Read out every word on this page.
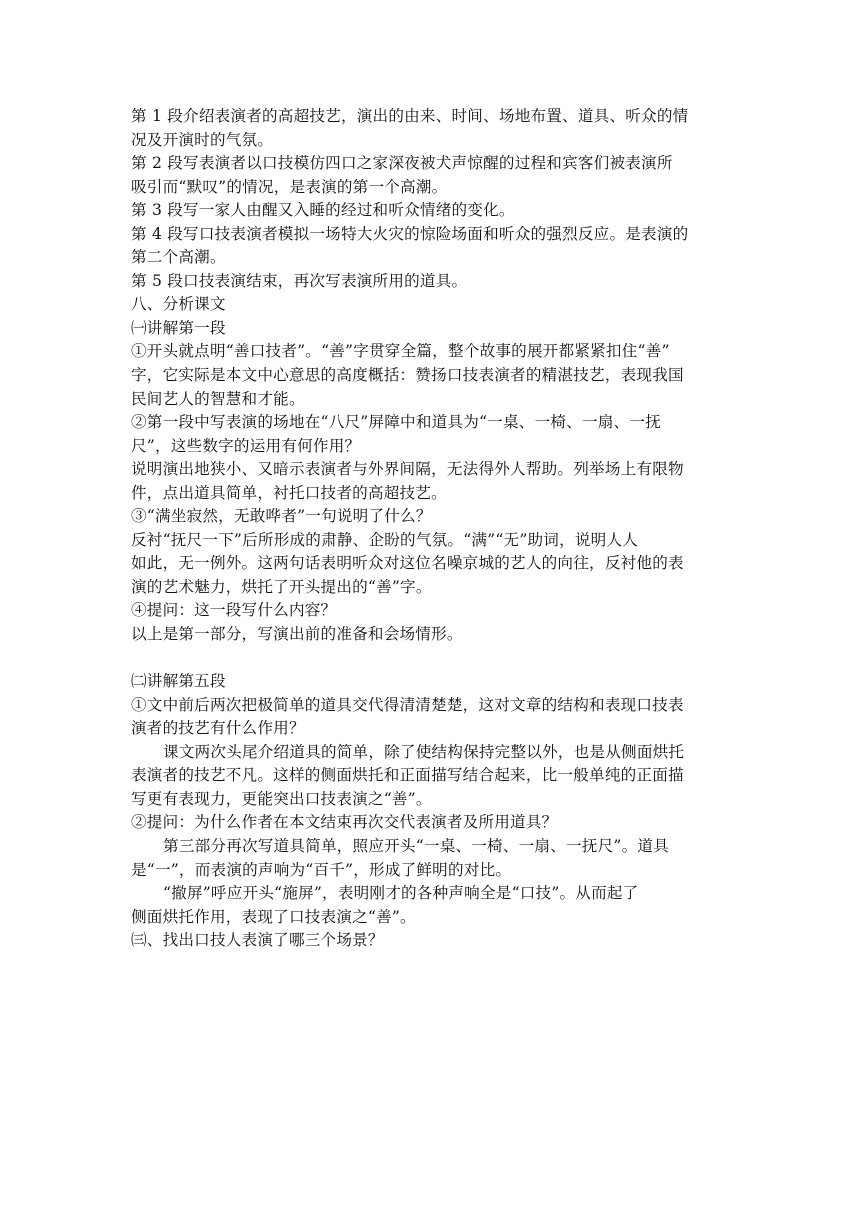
第 1 段介绍表演者的高超技艺，演出的由来、时间、场地布置、道具、听众的情
况及开演时的气氛。
第 2 段写表演者以口技模仿四口之家深夜被犬声惊醒的过程和宾客们被表演所
吸引而“默叹”的情况，是表演的第一个高潮。
第 3 段写一家人由醒又入睡的经过和听众情绪的变化。
第 4 段写口技表演者模拟一场特大火灾的惊险场面和听众的强烈反应。是表演的
第二个高潮。
第 5 段口技表演结束，再次写表演所用的道具。
八、分析课文
㈠讲解第一段
①开头就点明“善口技者”。“善”字贯穿全篇，整个故事的展开都紧紧扣住“善”
字，它实际是本文中心意思的高度概括：赞扬口技表演者的精湛技艺，表现我国
民间艺人的智慧和才能。
②第一段中写表演的场地在“八尺”屏障中和道具为“一桌、一椅、一扇、一抚
尺”，这些数字的运用有何作用？
说明演出地狭小、又暗示表演者与外界间隔，无法得外人帮助。列举场上有限物
件，点出道具简单，衬托口技者的高超技艺。
③“满坐寂然，无敢哗者”一句说明了什么？
反衬“抚尺一下”后所形成的肃静、企盼的气氛。“满”“无”助词，说明人人
如此，无一例外。这两句话表明听众对这位名噪京城的艺人的向往，反衬他的表
演的艺术魅力，烘托了开头提出的“善”字。
④提问：这一段写什么内容？
以上是第一部分，写演出前的准备和会场情形。
㈡讲解第五段
①文中前后两次把极简单的道具交代得清清楚楚，这对文章的结构和表现口技表
演者的技艺有什么作用？
课文两次头尾介绍道具的简单，除了使结构保持完整以外，也是从侧面烘托
表演者的技艺不凡。这样的侧面烘托和正面描写结合起来，比一般单纯的正面描
写更有表现力，更能突出口技表演之“善”。
②提问：为什么作者在本文结束再次交代表演者及所用道具？
第三部分再次写道具简单，照应开头“一桌、一椅、一扇、一抚尺”。道具
是“一”，而表演的声响为“百千”，形成了鲜明的对比。
“撤屏”呼应开头“施屏”，表明刚才的各种声响全是“口技”。从而起了
侧面烘托作用，表现了口技表演之“善”。
㈢、找出口技人表演了哪三个场景？
